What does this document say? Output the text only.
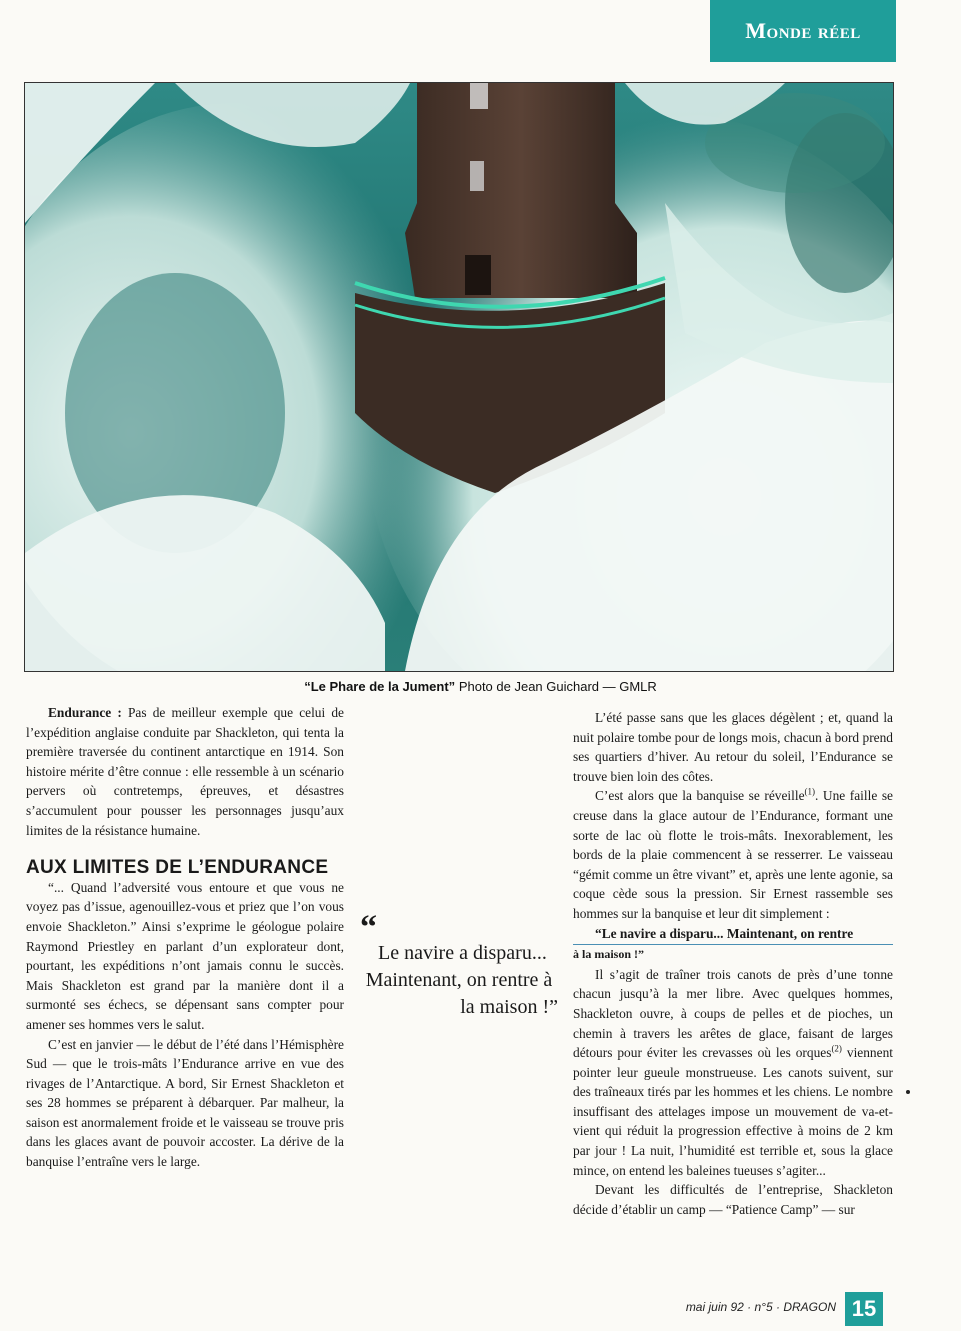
Monde réel
“Le Phare de la Jument” Photo de Jean Guichard — GMLR

Endurance : Pas de meilleur exemple que celui de l’expédition anglaise conduite par Shackleton, qui tenta la première traversée du continent antarctique en 1914. Son histoire mérite d’être connue : elle ressemble à un scénario pervers où contretemps, épreuves, et désastres s’accumulent pour pousser les personnages jusqu’aux limites de la résistance humaine.

AUX LIMITES DE L’ENDURANCE

“... Quand l’adversité vous entoure et que vous ne voyez pas d’issue, agenouillez-vous et priez que l’on vous envoie Shackleton.” Ainsi s’exprime le géologue polaire Raymond Priestley en parlant d’un explorateur dont, pourtant, les expéditions n’ont jamais connu le succès. Mais Shackleton est grand par la manière dont il a surmonté ses échecs, se dépensant sans compter pour amener ses hommes vers le salut.

C’est en janvier — le début de l’été dans l’Hémisphère Sud — que le trois-mâts l’Endurance arrive en vue des rivages de l’Antarctique. A bord, Sir Ernest Shackleton et ses 28 hommes se préparent à débarquer. Par malheur, la saison est anormalement froide et le vaisseau se trouve pris dans les glaces avant de pouvoir accoster. La dérive de la banquise l’entraîne vers le large.

“
Le navire a disparu...
Maintenant, on rentre à
la maison !”

L’été passe sans que les glaces dégèlent ; et, quand la nuit polaire tombe pour de longs mois, chacun à bord prend ses quartiers d’hiver. Au retour du soleil, l’Endurance se trouve bien loin des côtes.

C’est alors que la banquise se réveille$^{(1)}$. Une faille se creuse dans la glace autour de l’Endurance, formant une sorte de lac où flotte le trois-mâts. Inexorablement, les bords de la plaie commencent à se resserrer. Le vaisseau “gémit comme un être vivant” et, après une lente agonie, sa coque cède sous la pression. Sir Ernest rassemble ses hommes sur la banquise et leur dit simplement :

“Le navire a disparu... Maintenant, on rentre

à la maison !”

Il s’agit de traîner trois canots de près d’une tonne chacun jusqu’à la mer libre. Avec quelques hommes, Shackleton ouvre, à coups de pelles et de pioches, un chemin à travers les arêtes de glace, faisant de larges détours pour éviter les crevasses où les orques$^{(2)}$ viennent pointer leur gueule monstrueuse. Les canots suivent, sur des traîneaux tirés par les hommes et les chiens. Le nombre insuffisant des attelages impose un mouvement de va-et-vient qui réduit la progression effective à moins de 2 km par jour ! La nuit, l’humidité est terrible et, sous la glace mince, on entend les baleines tueuses s’agiter...

Devant les difficultés de l’entreprise, Shackleton décide d’établir un camp — “Patience Camp” — sur

mai juin 92 · n°5 · DRAGON 15
